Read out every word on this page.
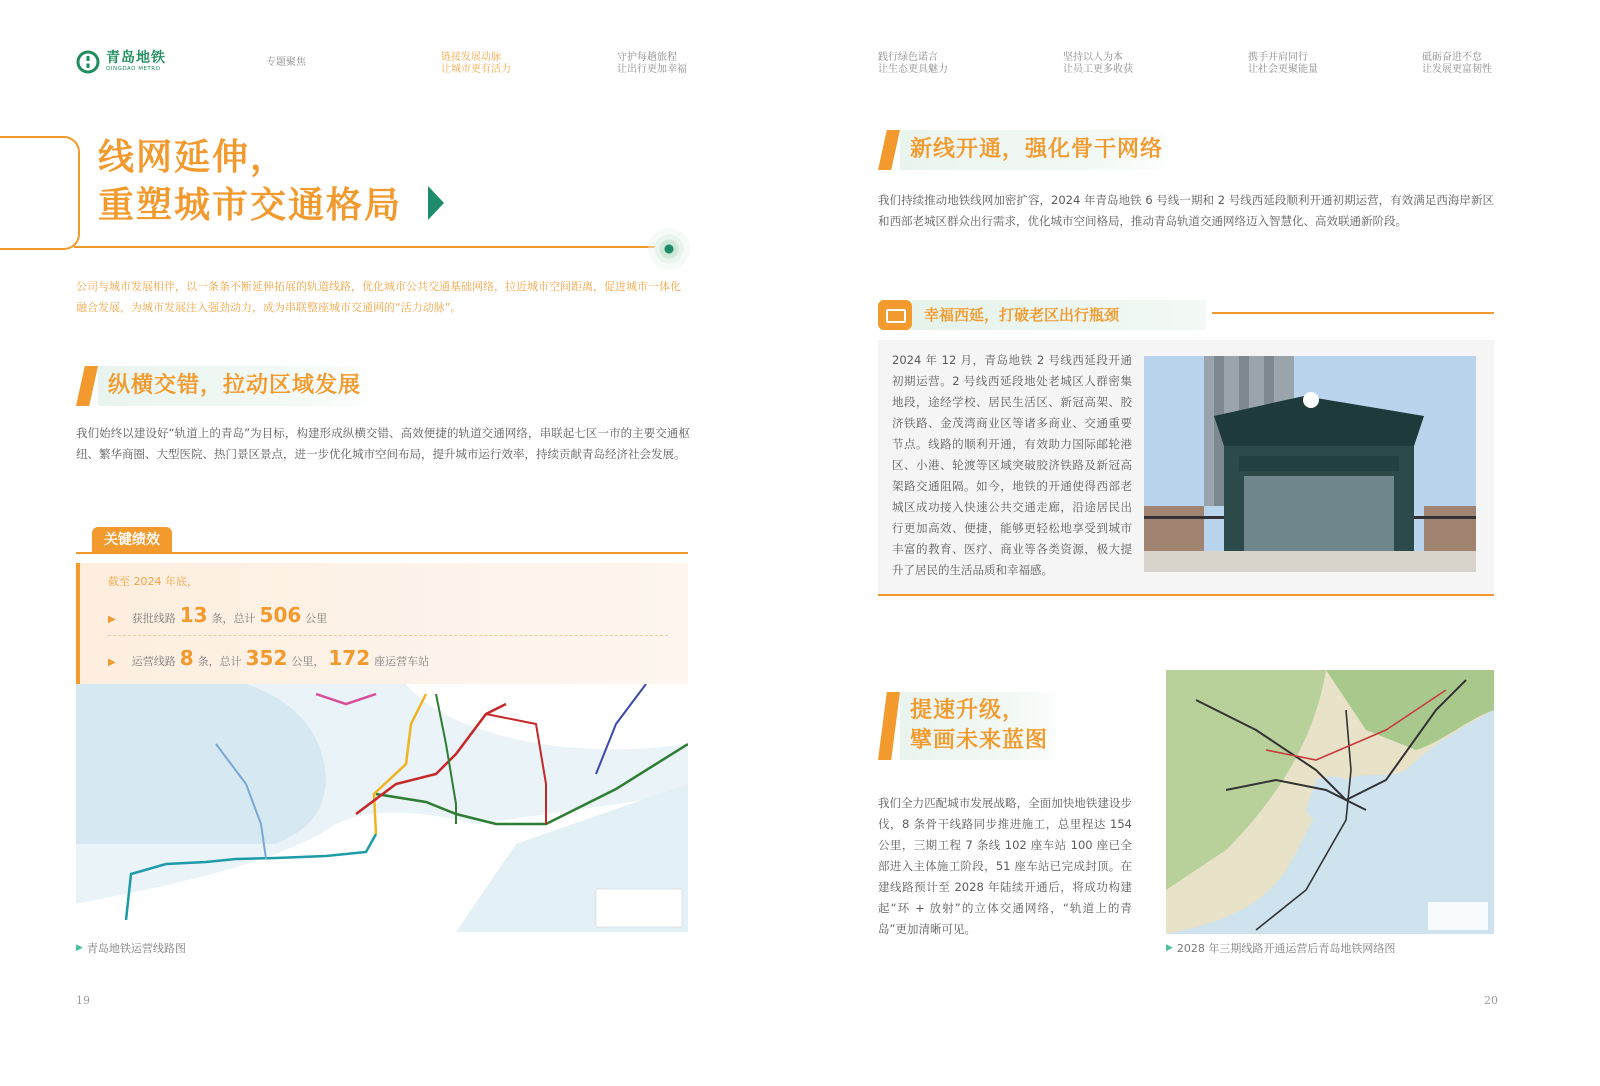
青岛地铁
QINGDAO METRO
专题聚焦	链接发展动脉
让城市更有活力
守护每趟旅程
让出行更加幸福
践行绿色诺言
让生态更具魅力
坚持以人为本
让员工更多收获
携手并肩同行
让社会更聚能量
砥砺奋进不怠
让发展更富韧性
线网延伸，
重塑城市交通格局

公司与城市发展相伴，以一条条不断延伸拓展的轨道线路，优化城市公共交通基础网络，拉近城市空间距离，促进城市一体化融合发展，为城市发展注入强劲动力，成为串联整座城市交通网的“活力动脉”。

纵横交错，拉动区域发展

我们始终以建设好“轨道上的青岛”为目标，构建形成纵横交错、高效便捷的轨道交通网络，串联起七区一市的主要交通枢纽、繁华商圈、大型医院、热门景区景点，进一步优化城市空间布局，提升城市运行效率，持续贡献青岛经济社会发展。

关键绩效
截至 2024 年底，
▶ 获批线路 13 条，总计 506 公里
▶ 运营线路 8 条，总计 352 公里， 172 座运营车站
▶ 青岛地铁运营线路图
19
新线开通，强化骨干网络

我们持续推动地铁线网加密扩容，2024 年青岛地铁 6 号线一期和 2 号线西延段顺利开通初期运营，有效满足西海岸新区和西部老城区群众出行需求，优化城市空间格局，推动青岛轨道交通网络迈入智慧化、高效联通新阶段。

幸福西延，打破老区出行瓶颈

2024 年 12 月，青岛地铁 2 号线西延段开通初期运营。2 号线西延段地处老城区人群密集地段，途经学校、居民生活区、新冠高架、胶济铁路、金茂湾商业区等诸多商业、交通重要节点。线路的顺利开通，有效助力国际邮轮港区、小港、轮渡等区域突破胶济铁路及新冠高架路交通阻隔。如今，地铁的开通使得西部老城区成功接入快速公共交通走廊，沿途居民出行更加高效、便捷，能够更轻松地享受到城市丰富的教育、医疗、商业等各类资源，极大提升了居民的生活品质和幸福感。

提速升级，
擘画未来蓝图

我们全力匹配城市发展战略，全面加快地铁建设步伐，8 条骨干线路同步推进施工，总里程达 154 公里，三期工程 7 条线 102 座车站 100 座已全部进入主体施工阶段，51 座车站已完成封顶。在建线路预计至 2028 年陆续开通后，将成功构建起“环 + 放射”的立体交通网络，“轨道上的青岛”更加清晰可见。

▶ 2028 年三期线路开通运营后青岛地铁网络图
20
